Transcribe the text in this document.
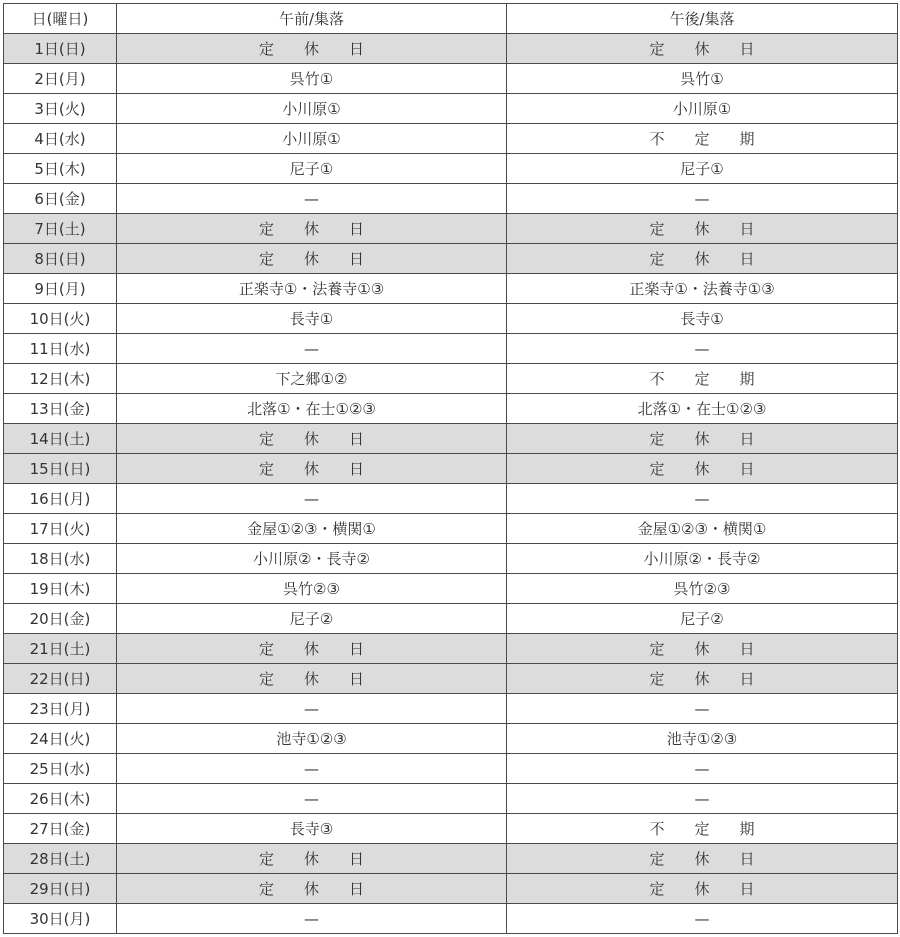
日(曜日)	午前/集落	午後/集落
1日(日)	定　　休　　日	定　　休　　日
2日(月)	呉竹①	呉竹①
3日(火)	小川原①	小川原①
4日(水)	小川原①	不　　定　　期
5日(木)	尼子①	尼子①
6日(金)	—	—
7日(土)	定　　休　　日	定　　休　　日
8日(日)	定　　休　　日	定　　休　　日
9日(月)	正楽寺①・法養寺①③	正楽寺①・法養寺①③
10日(火)	長寺①	長寺①
11日(水)	—	—
12日(木)	下之郷①②	不　　定　　期
13日(金)	北落①・在士①②③	北落①・在士①②③
14日(土)	定　　休　　日	定　　休　　日
15日(日)	定　　休　　日	定　　休　　日
16日(月)	—	—
17日(火)	金屋①②③・横関①	金屋①②③・横関①
18日(水)	小川原②・長寺②	小川原②・長寺②
19日(木)	呉竹②③	呉竹②③
20日(金)	尼子②	尼子②
21日(土)	定　　休　　日	定　　休　　日
22日(日)	定　　休　　日	定　　休　　日
23日(月)	—	—
24日(火)	池寺①②③	池寺①②③
25日(水)	—	—
26日(木)	—	—
27日(金)	長寺③	不　　定　　期
28日(土)	定　　休　　日	定　　休　　日
29日(日)	定　　休　　日	定　　休　　日
30日(月)	—	—
